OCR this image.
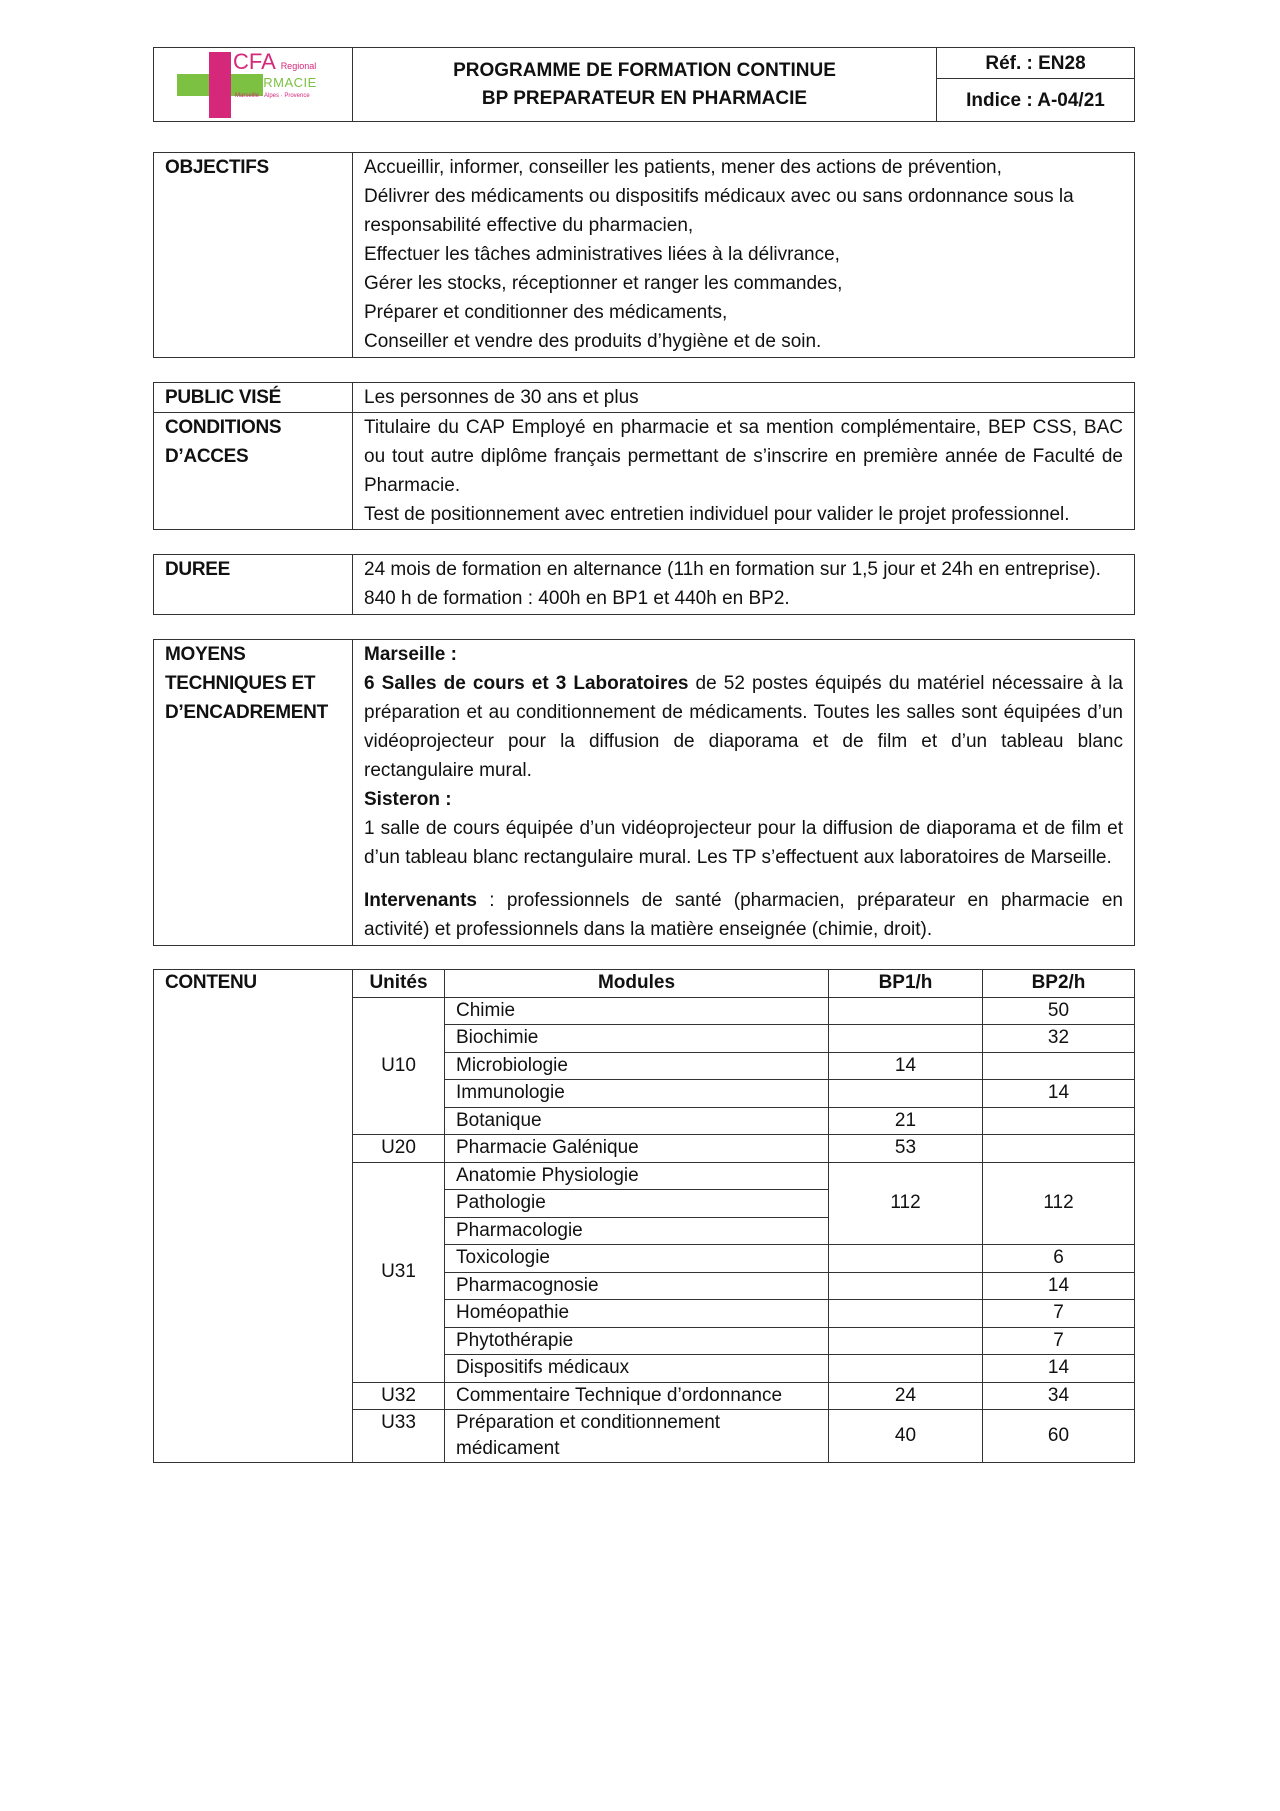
CFA Regional
PHARMACIE
Marseille · Alpes · Provence

PROGRAMME DE FORMATION CONTINUE
BP PREPARATEUR EN PHARMACIE
	Réf. : EN28
Indice : A-04/21
OBJECTIFS	Accueillir, informer, conseiller les patients, mener des actions de prévention,
Délivrer des médicaments ou dispositifs médicaux avec ou sans ordonnance sous la responsabilité effective du pharmacien,
Effectuer les tâches administratives liées à la délivrance,
Gérer les stocks, réceptionner et ranger les commandes,
Préparer et conditionner des médicaments,
Conseiller et vendre des produits d’hygiène et de soin.
PUBLIC VISÉ	Les personnes de 30 ans et plus
CONDITIONS D’ACCES	Titulaire du CAP Employé en pharmacie et sa mention complémentaire, BEP CSS, BAC ou tout autre diplôme français permettant de s’inscrire en première année de Faculté de Pharmacie.
Test de positionnement avec entretien individuel pour valider le projet professionnel.
DUREE	24 mois de formation en alternance (11h en formation sur 1,5 jour et 24h en entreprise). 840 h de formation : 400h en BP1 et 440h en BP2.
MOYENS TECHNIQUES ET D’ENCADREMENT	
Marseille :
6 Salles de cours et 3 Laboratoires de 52 postes équipés du matériel nécessaire à la préparation et au conditionnement de médicaments. Toutes les salles sont équipées d’un vidéoprojecteur pour la diffusion de diaporama et de film et d’un tableau blanc rectangulaire mural.
Sisteron :
1 salle de cours équipée d’un vidéoprojecteur pour la diffusion de diaporama et de film et d’un tableau blanc rectangulaire mural. Les TP s’effectuent aux laboratoires de Marseille.
Intervenants : professionnels de santé (pharmacien, préparateur en pharmacie en activité) et professionnels dans la matière enseignée (chimie, droit).
CONTENU	Unités	Modules	BP1/h	BP2/h
	U10	Chimie		50
		Biochimie		32
		Microbiologie	14	
		Immunologie		14
		Botanique	21	
	U20	Pharmacie Galénique	53	
	U31	Anatomie Physiologie	112	112
		Pathologie		
		Pharmacologie		
		Toxicologie		6
		Pharmacognosie		14
		Homéopathie		7
		Phytothérapie		7
		Dispositifs médicaux		14
	U32	Commentaire Technique d’ordonnance	24	34
	U33	Préparation et conditionnement médicament	40	60
